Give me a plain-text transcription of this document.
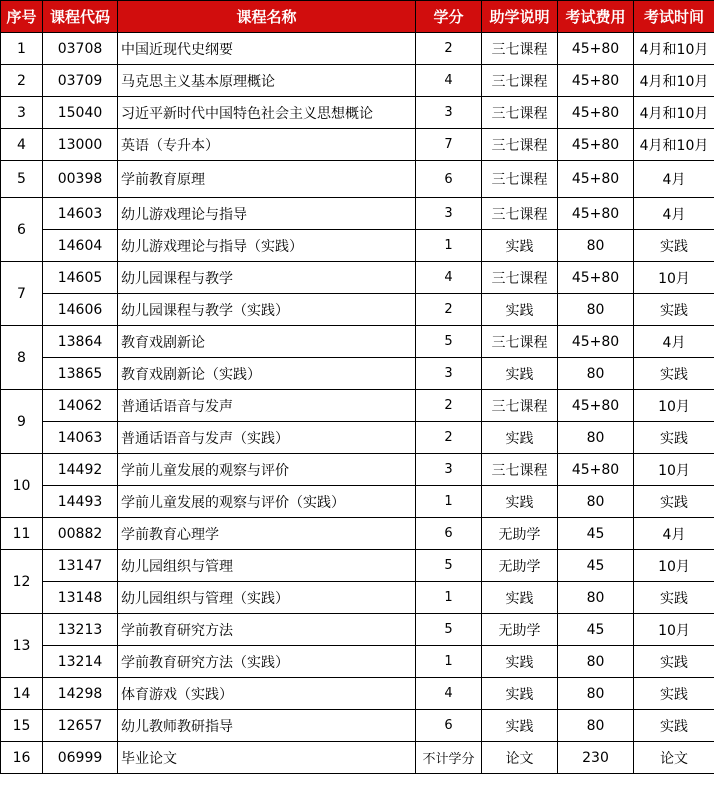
序号	课程代码	课程名称	学分	助学说明	考试费用	考试时间
1	03708	中国近现代史纲要	2	三七课程	45+80	4月和10月
2	03709	马克思主义基本原理概论	4	三七课程	45+80	4月和10月
3	15040	习近平新时代中国特色社会主义思想概论	3	三七课程	45+80	4月和10月
4	13000	英语（专升本）	7	三七课程	45+80	4月和10月
5	00398	学前教育原理	6	三七课程	45+80	4月
6	14603	幼儿游戏理论与指导	3	三七课程	45+80	4月
	14604	幼儿游戏理论与指导（实践）	1	实践	80	实践
7	14605	幼儿园课程与教学	4	三七课程	45+80	10月
	14606	幼儿园课程与教学（实践）	2	实践	80	实践
8	13864	教育戏剧新论	5	三七课程	45+80	4月
	13865	教育戏剧新论（实践）	3	实践	80	实践
9	14062	普通话语音与发声	2	三七课程	45+80	10月
	14063	普通话语音与发声（实践）	2	实践	80	实践
10	14492	学前儿童发展的观察与评价	3	三七课程	45+80	10月
	14493	学前儿童发展的观察与评价（实践）	1	实践	80	实践
11	00882	学前教育心理学	6	无助学	45	4月
12	13147	幼儿园组织与管理	5	无助学	45	10月
	13148	幼儿园组织与管理（实践）	1	实践	80	实践
13	13213	学前教育研究方法	5	无助学	45	10月
	13214	学前教育研究方法（实践）	1	实践	80	实践
14	14298	体育游戏（实践）	4	实践	80	实践
15	12657	幼儿教师教研指导	6	实践	80	实践
16	06999	毕业论文	不计学分	论文	230	论文
